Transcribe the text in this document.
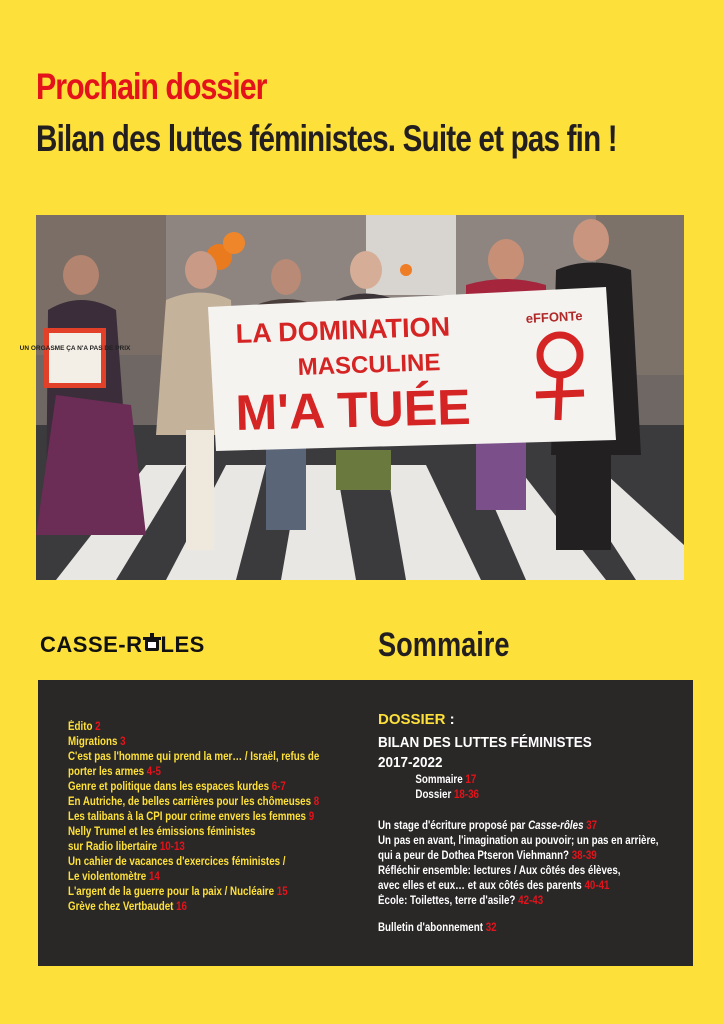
Prochain dossier
Bilan des luttes féministes. Suite et pas fin !
UN ORGASME ÇA N'A PAS DE PRIX	LA DOMINATION
MASCULINE
M'A TUÉE
eFFONTe
CASSE-R LES	Sommaire
Édito 2
Migrations 3
C'est pas l'homme qui prend la mer… / Israël, refus de
porter les armes 4-5
Genre et politique dans les espaces kurdes 6-7
En Autriche, de belles carrières pour les chômeuses 8
Les talibans à la CPI pour crime envers les femmes 9
Nelly Trumel et les émissions féministes
sur Radio libertaire 10-13
Un cahier de vacances d'exercices féministes /
Le violentomètre 14
L'argent de la guerre pour la paix / Nucléaire 15
Grève chez Vertbaudet 16
DOSSIER :
BILAN DES LUTTES FÉMINISTES
2017-2022
Sommaire 17
Dossier 18-36
Un stage d'écriture proposé par Casse-rôles 37
Un pas en avant, l'imagination au pouvoir; un pas en arrière,
qui a peur de Dothea Ptseron Viehmann? 38-39
Réfléchir ensemble: lectures / Aux côtés des élèves,
avec elles et eux… et aux côtés des parents 40-41
École: Toilettes, terre d'asile? 42-43
Bulletin d'abonnement 32
